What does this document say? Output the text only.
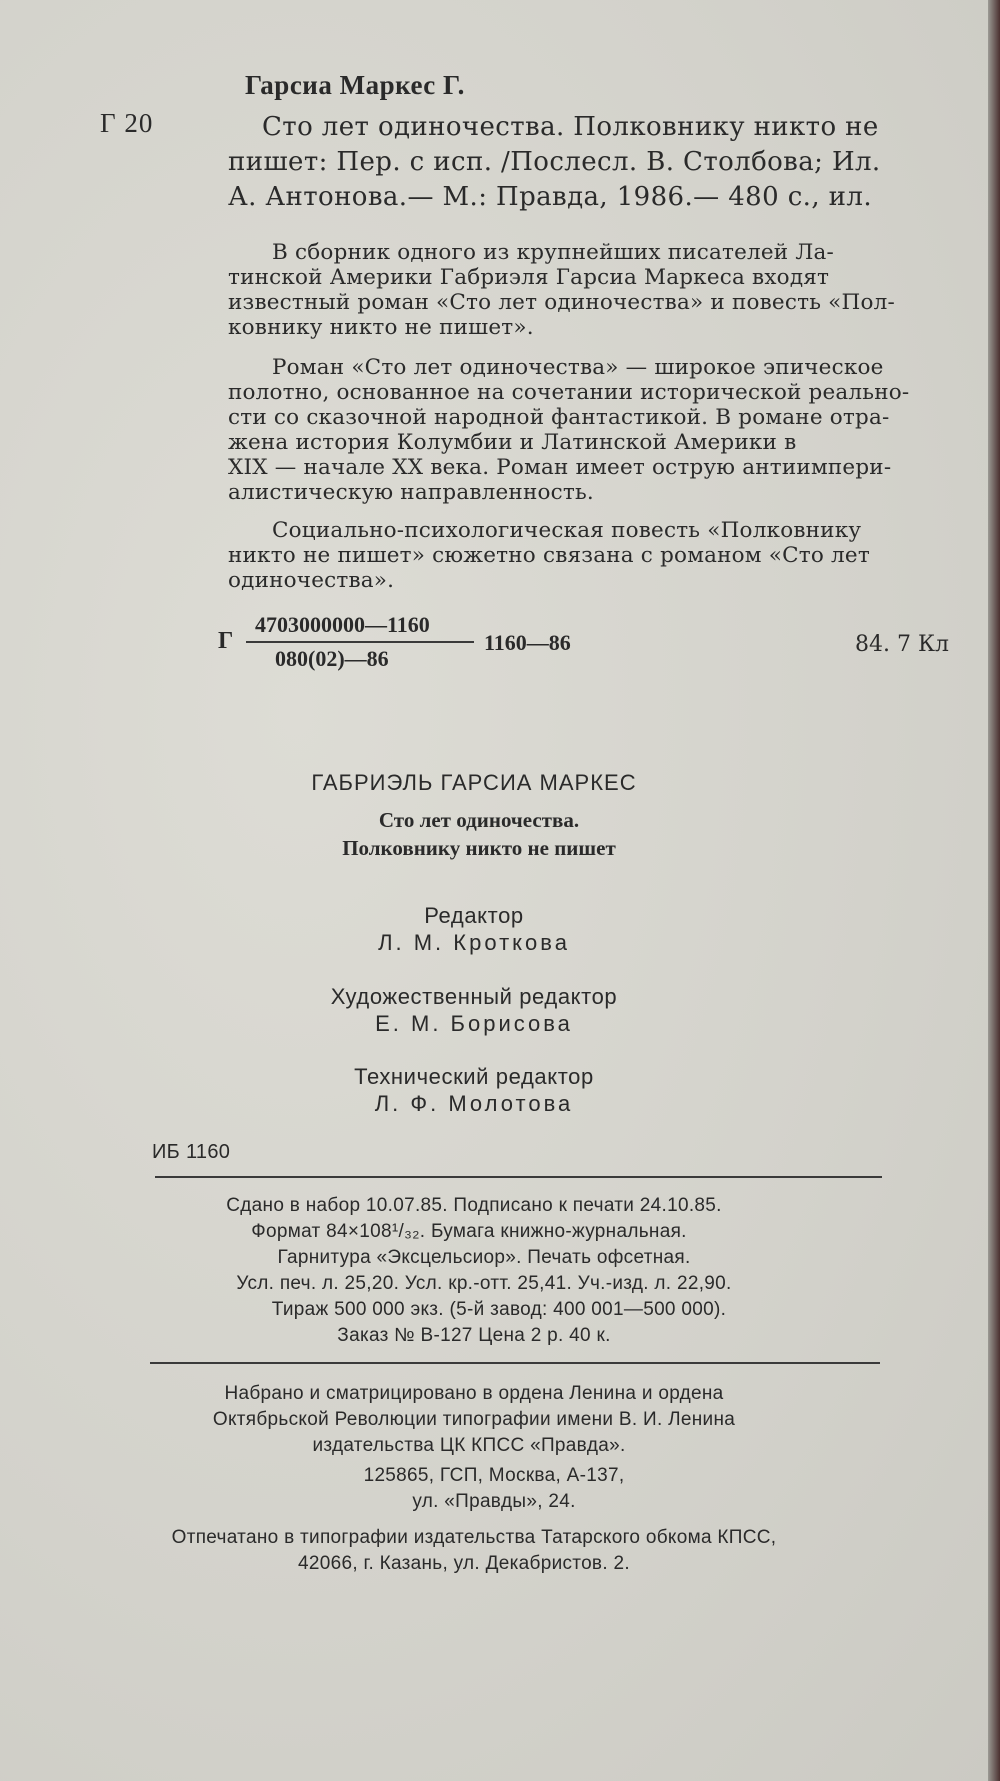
Гарсиа Маркес Г.
Г 20	Сто лет одиночества. Полковнику никто не
пишет: Пер. с исп. /Послесл. В. Столбова; Ил.
А. Антонова.— М.: Правда, 1986.— 480 с., ил.
В сборник одного из крупнейших писателей Ла-
тинской Америки Габриэля Гарсиа Маркеса входят
известный роман «Сто лет одиночества» и повесть «Пол-
ковнику никто не пишет».
Роман «Сто лет одиночества» — широкое эпическое
полотно, основанное на сочетании исторической реально-
сти со сказочной народной фантастикой. В романе отра-
жена история Колумбии и Латинской Америки в
XIX — начале XX века. Роман имеет острую антиимпери-
алистическую направленность.
Социально-психологическая повесть «Полковнику
никто не пишет» сюжетно связана с романом «Сто лет
одиночества».
Г
4703000000—1160
080(02)—86
1160—86	84. 7 Кл
ГАБРИЭЛЬ ГАРСИА МАРКЕС
Сто лет одиночества.
Полковнику никто не пишет
Редактор
Л. М. Кроткова
Художественный редактор
Е. М. Борисова
Технический редактор
Л. Ф. Молотова
ИБ 1160
Сдано в набор 10.07.85. Подписано к печати 24.10.85.
Формат 84×108¹/₃₂. Бумага книжно-журнальная.
Гарнитура «Эксцельсиор». Печать офсетная.
Усл. печ. л. 25,20. Усл. кр.-отт. 25,41. Уч.-изд. л. 22,90.
Тираж 500 000 экз. (5-й завод: 400 001—500 000).
Заказ № В-127 Цена 2 р. 40 к.
Набрано и сматрицировано в ордена Ленина и ордена
Октябрьской Революции типографии имени В. И. Ленина
издательства ЦК КПСС «Правда».
125865, ГСП, Москва, А-137,
ул. «Правды», 24.
Отпечатано в типографии издательства Татарского обкома КПСС,
42066, г. Казань, ул. Декабристов. 2.
